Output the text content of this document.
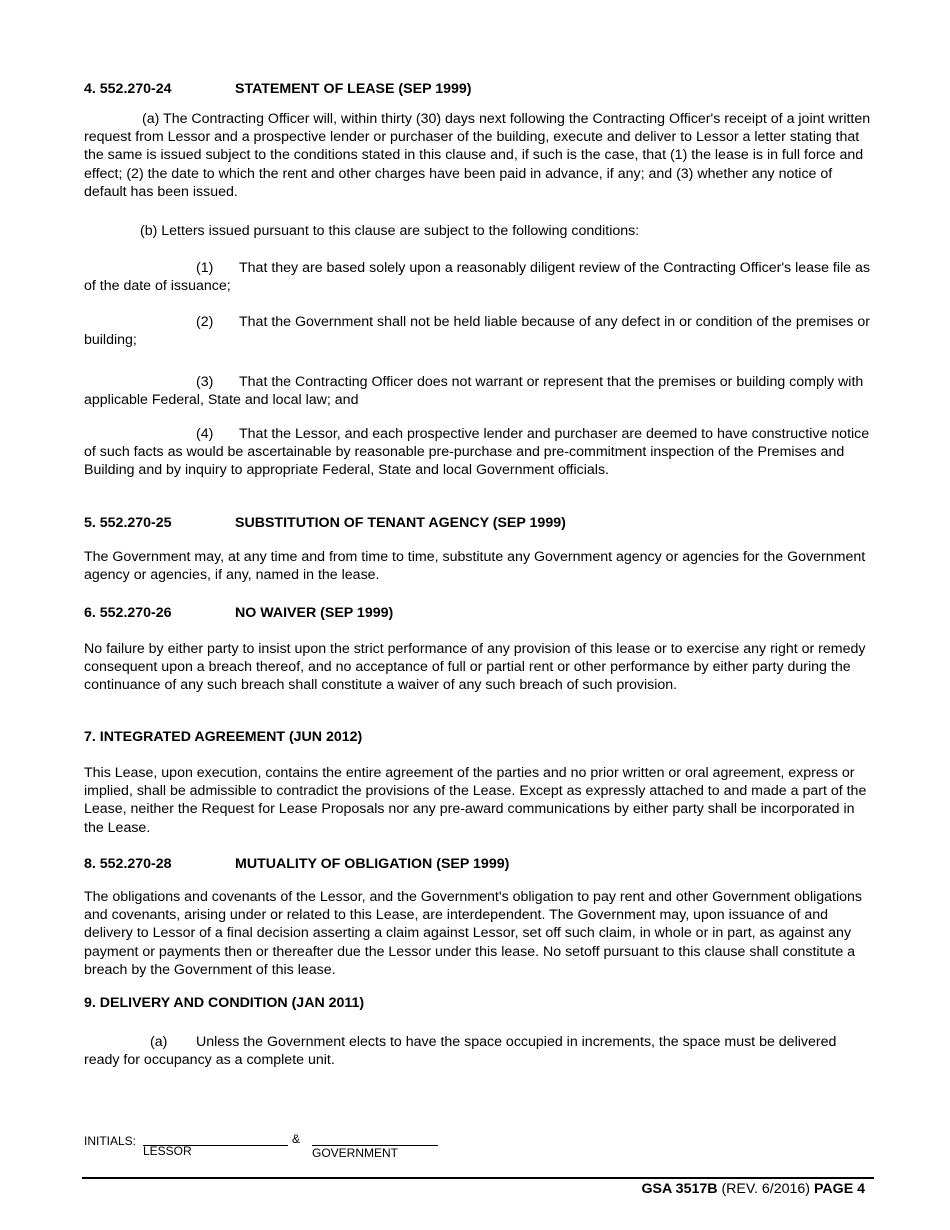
4. 552.270-24	STATEMENT OF LEASE (SEP 1999)
(a) The Contracting Officer will, within thirty (30) days next following the Contracting Officer's receipt of a joint written request from Lessor and a prospective lender or purchaser of the building, execute and deliver to Lessor a letter stating that the same is issued subject to the conditions stated in this clause and, if such is the case, that (1) the lease is in full force and effect; (2) the date to which the rent and other charges have been paid in advance, if any; and (3) whether any notice of default has been issued.
(b) Letters issued pursuant to this clause are subject to the following conditions:
(1) That they are based solely upon a reasonably diligent review of the Contracting Officer's lease file as of the date of issuance;
(2) That the Government shall not be held liable because of any defect in or condition of the premises or building;
(3) That the Contracting Officer does not warrant or represent that the premises or building comply with applicable Federal, State and local law; and
(4) That the Lessor, and each prospective lender and purchaser are deemed to have constructive notice of such facts as would be ascertainable by reasonable pre-purchase and pre-commitment inspection of the Premises and Building and by inquiry to appropriate Federal, State and local Government officials.
5. 552.270-25	SUBSTITUTION OF TENANT AGENCY (SEP 1999)
The Government may, at any time and from time to time, substitute any Government agency or agencies for the Government agency or agencies, if any, named in the lease.
6. 552.270-26	NO WAIVER (SEP 1999)
No failure by either party to insist upon the strict performance of any provision of this lease or to exercise any right or remedy consequent upon a breach thereof, and no acceptance of full or partial rent or other performance by either party during the continuance of any such breach shall constitute a waiver of any such breach of such provision.
7. INTEGRATED AGREEMENT (JUN 2012)
This Lease, upon execution, contains the entire agreement of the parties and no prior written or oral agreement, express or implied, shall be admissible to contradict the provisions of the Lease. Except as expressly attached to and made a part of the Lease, neither the Request for Lease Proposals nor any pre-award communications by either party shall be incorporated in the Lease.
8. 552.270-28	MUTUALITY OF OBLIGATION (SEP 1999)
The obligations and covenants of the Lessor, and the Government's obligation to pay rent and other Government obligations and covenants, arising under or related to this Lease, are interdependent. The Government may, upon issuance of and delivery to Lessor of a final decision asserting a claim against Lessor, set off such claim, in whole or in part, as against any payment or payments then or thereafter due the Lessor under this lease. No setoff pursuant to this clause shall constitute a breach by the Government of this lease.
9. DELIVERY AND CONDITION (JAN 2011)
(a) Unless the Government elects to have the space occupied in increments, the space must be delivered ready for occupancy as a complete unit.
INITIALS:	&
LESSOR	GOVERNMENT
GSA 3517B (REV. 6/2016) PAGE 4
